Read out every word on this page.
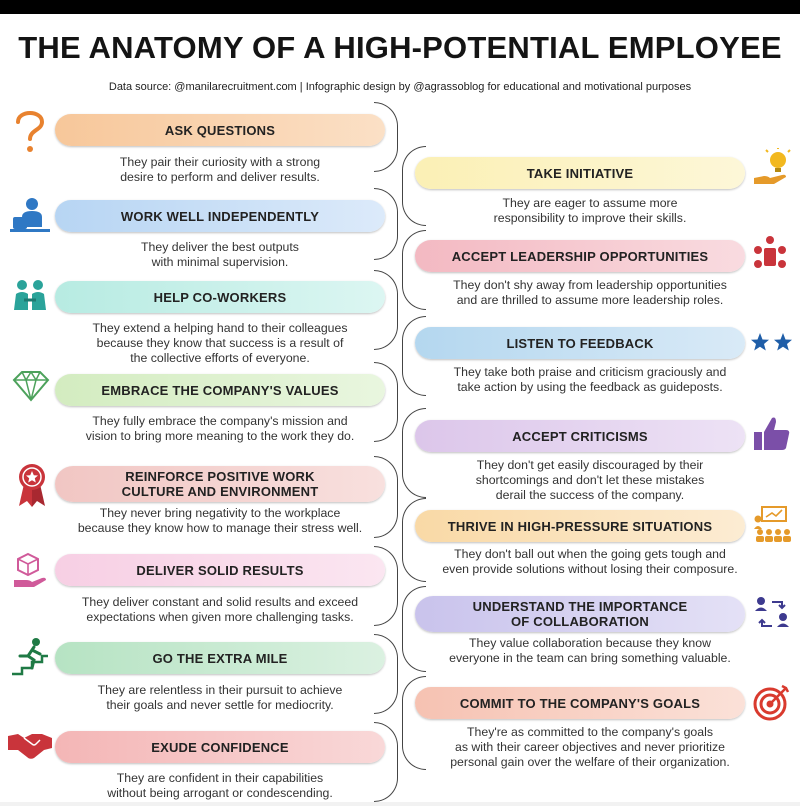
THE ANATOMY OF A HIGH-POTENTIAL EMPLOYEE
Data source: @manilarecruitment.com | Infographic design by @agrassoblog for educational and motivational purposes
ASK QUESTIONS
They pair their curiosity with a strong
desire to perform and deliver results.
WORK WELL INDEPENDENTLY
They deliver the best outputs
with minimal supervision.
HELP CO-WORKERS
They extend a helping hand to their colleagues
because they know that success is a result of
the collective efforts of everyone.
EMBRACE THE COMPANY'S VALUES
They fully embrace the company's mission and
vision to bring more meaning to the work they do.
REINFORCE POSITIVE WORK
CULTURE AND ENVIRONMENT
They never bring negativity to the workplace
because they know how to manage their stress well.
DELIVER SOLID RESULTS
They deliver constant and solid results and exceed
expectations when given more challenging tasks.
GO THE EXTRA MILE
They are relentless in their pursuit to achieve
their goals and never settle for mediocrity.
EXUDE CONFIDENCE
They are confident in their capabilities
without being arrogant or condescending.
TAKE INITIATIVE
They are eager to assume more
responsibility to improve their skills.
ACCEPT LEADERSHIP OPPORTUNITIES
They don't shy away from leadership opportunities
and are thrilled to assume more leadership roles.
LISTEN TO FEEDBACK
They take both praise and criticism graciously and
take action by using the feedback as guideposts.
ACCEPT CRITICISMS
They don't get easily discouraged by their
shortcomings and don't let these mistakes
derail the success of the company.
THRIVE IN HIGH-PRESSURE SITUATIONS
They don't ball out when the going gets tough and
even provide solutions without losing their composure.
UNDERSTAND THE IMPORTANCE
OF COLLABORATION
They value collaboration because they know
everyone in the team can bring something valuable.
COMMIT TO THE COMPANY'S GOALS
They're as committed to the company's goals
as with their career objectives and never prioritize
personal gain over the welfare of their organization.
